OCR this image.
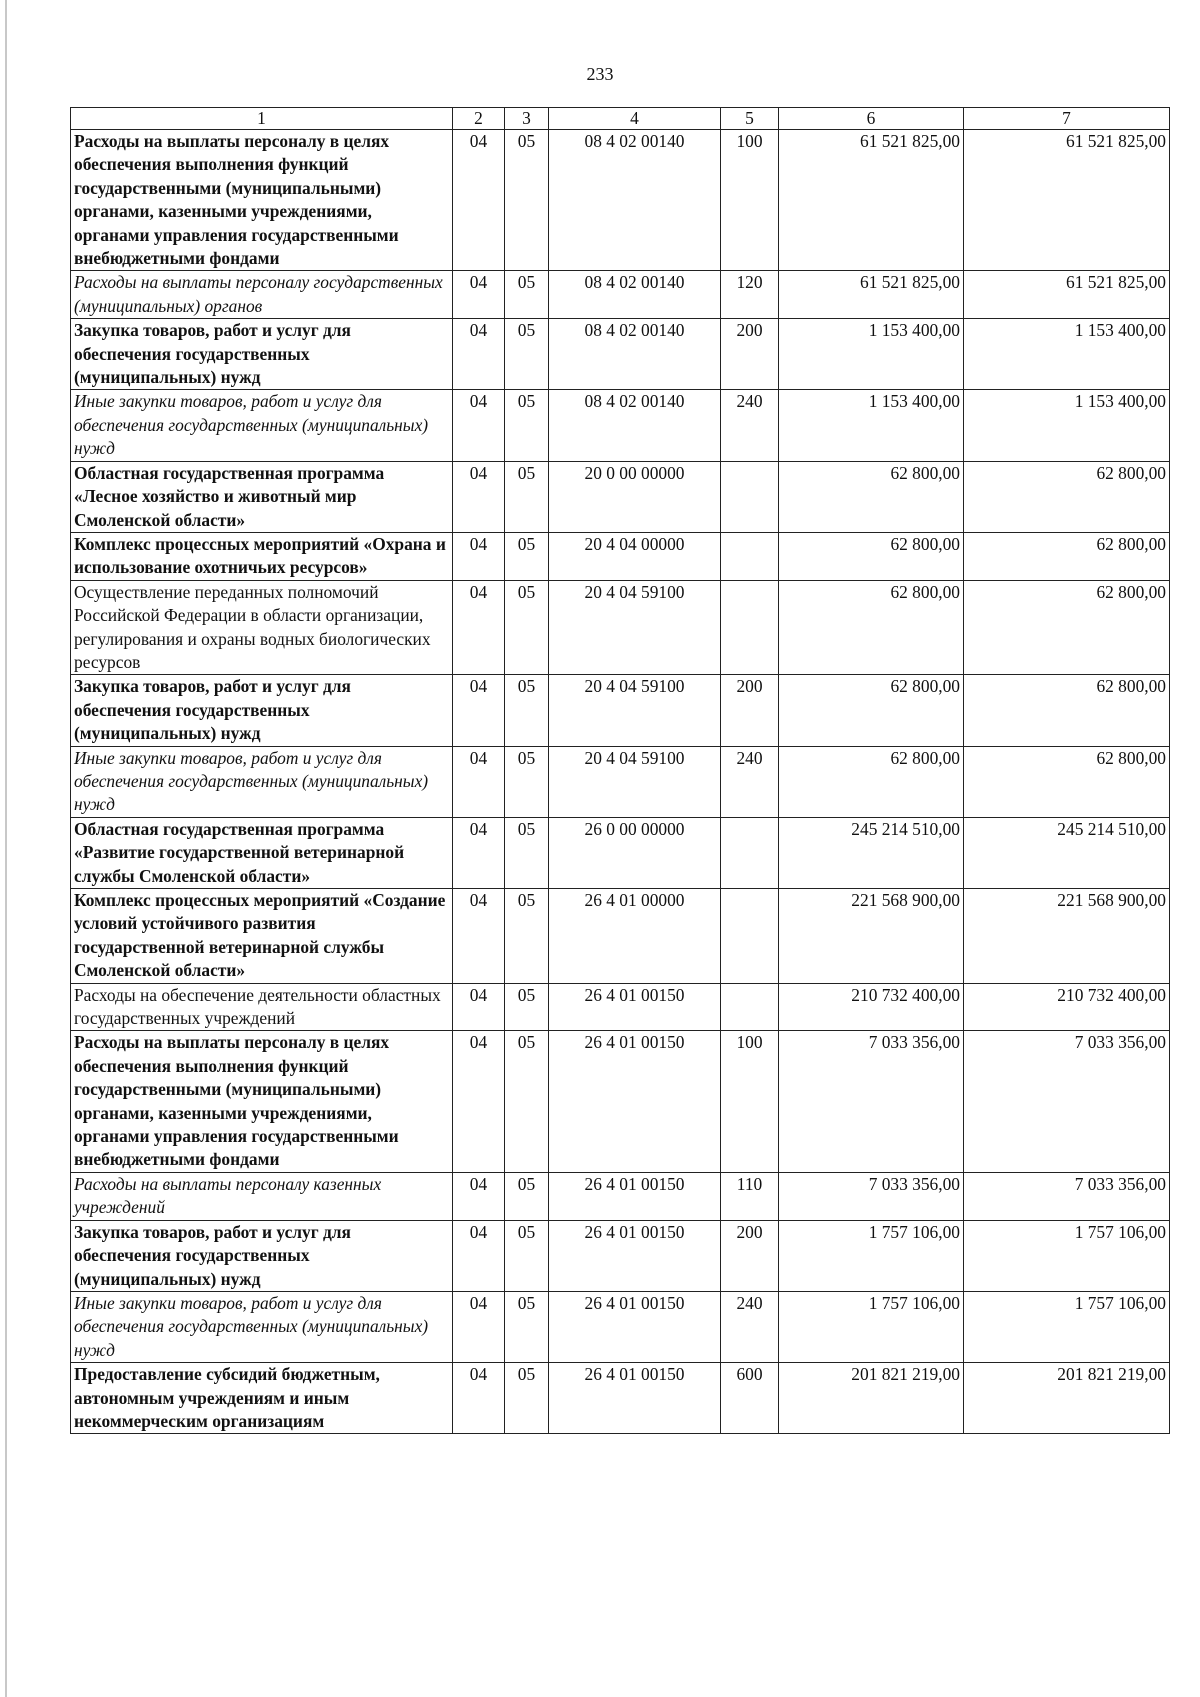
233
1	2	3	4	5	6	7
Расходы на выплаты персоналу в целях обеспечения выполнения функций государственными (муниципальными) органами, казенными учреждениями, органами управления государственными внебюджетными фондами	04	05	08 4 02 00140	100	61 521 825,00	61 521 825,00
Расходы на выплаты персоналу государственных (муниципальных) органов	04	05	08 4 02 00140	120	61 521 825,00	61 521 825,00
Закупка товаров, работ и услуг для обеспечения государственных (муниципальных) нужд	04	05	08 4 02 00140	200	1 153 400,00	1 153 400,00
Иные закупки товаров, работ и услуг для обеспечения государственных (муниципальных) нужд	04	05	08 4 02 00140	240	1 153 400,00	1 153 400,00
Областная государственная программа «Лесное хозяйство и животный мир Смоленской области»	04	05	20 0 00 00000		62 800,00	62 800,00
Комплекс процессных мероприятий «Охрана и использование охотничьих ресурсов»	04	05	20 4 04 00000		62 800,00	62 800,00
Осуществление переданных полномочий Российской Федерации в области организации, регулирования и охраны водных биологических ресурсов	04	05	20 4 04 59100		62 800,00	62 800,00
Закупка товаров, работ и услуг для обеспечения государственных (муниципальных) нужд	04	05	20 4 04 59100	200	62 800,00	62 800,00
Иные закупки товаров, работ и услуг для обеспечения государственных (муниципальных) нужд	04	05	20 4 04 59100	240	62 800,00	62 800,00
Областная государственная программа «Развитие государственной ветеринарной службы Смоленской области»	04	05	26 0 00 00000		245 214 510,00	245 214 510,00
Комплекс процессных мероприятий «Создание условий устойчивого развития государственной ветеринарной службы Смоленской области»	04	05	26 4 01 00000		221 568 900,00	221 568 900,00
Расходы на обеспечение деятельности областных государственных учреждений	04	05	26 4 01 00150		210 732 400,00	210 732 400,00
Расходы на выплаты персоналу в целях обеспечения выполнения функций государственными (муниципальными) органами, казенными учреждениями, органами управления государственными внебюджетными фондами	04	05	26 4 01 00150	100	7 033 356,00	7 033 356,00
Расходы на выплаты персоналу казенных учреждений	04	05	26 4 01 00150	110	7 033 356,00	7 033 356,00
Закупка товаров, работ и услуг для обеспечения государственных (муниципальных) нужд	04	05	26 4 01 00150	200	1 757 106,00	1 757 106,00
Иные закупки товаров, работ и услуг для обеспечения государственных (муниципальных) нужд	04	05	26 4 01 00150	240	1 757 106,00	1 757 106,00
Предоставление субсидий бюджетным, автономным учреждениям и иным некоммерческим организациям	04	05	26 4 01 00150	600	201 821 219,00	201 821 219,00
